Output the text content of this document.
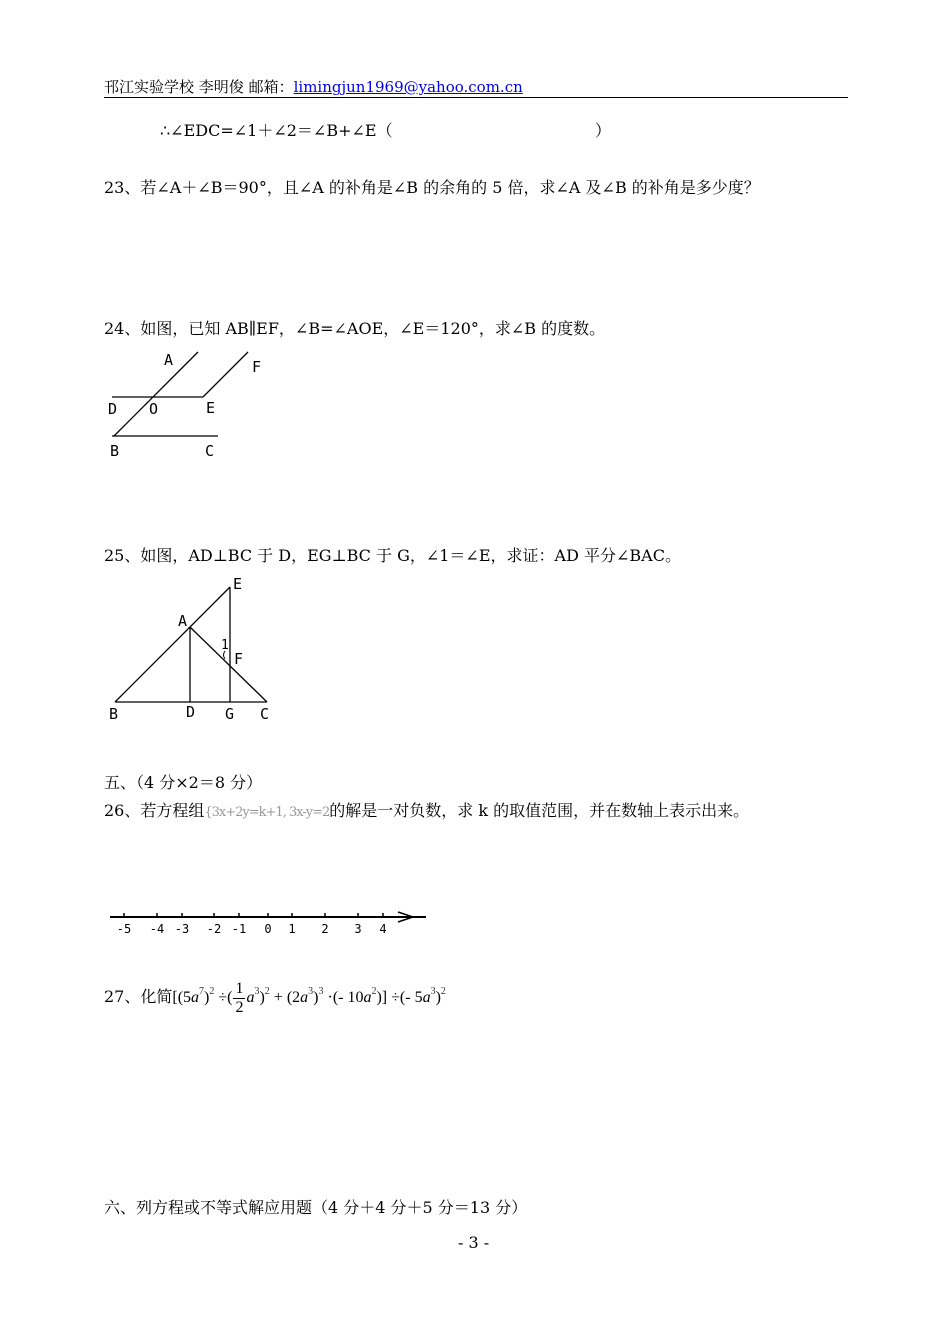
邗江实验学校 李明俊 邮箱：limingjun1969@yahoo.com.cn
∴∠EDC=∠1＋∠2＝∠B+∠E（	）
23、若∠A＋∠B＝90°，且∠A 的补角是∠B 的余角的 5 倍，求∠A 及∠B 的补角是多少度？
24、如图，已知 AB∥EF，∠B=∠AOE，∠E＝120°，求∠B 的度数。
A	F
D O	E
B	C
25、如图，AD⊥BC 于 D，EG⊥BC 于 G，∠1＝∠E，求证：AD 平分∠BAC。
E
A
1
F
B	D G C
五、（4 分×2＝8 分）
26、若方程组{3x+2y=k+1, 3x-y=2的解是一对负数，求 k 的取值范围，并在数轴上表示出来。
-5 -4 -3 -2 -1 0 1 2 3 4
27、化简[$(5a^7)^2$ ÷( $\frac{1}{2} a^3)^2 + (2a^3)^3$ ·(- $10a^2$)] ÷(- $5a^3)^2$
六、列方程或不等式解应用题（4 分＋4 分＋5 分＝13 分）
- 3 -
